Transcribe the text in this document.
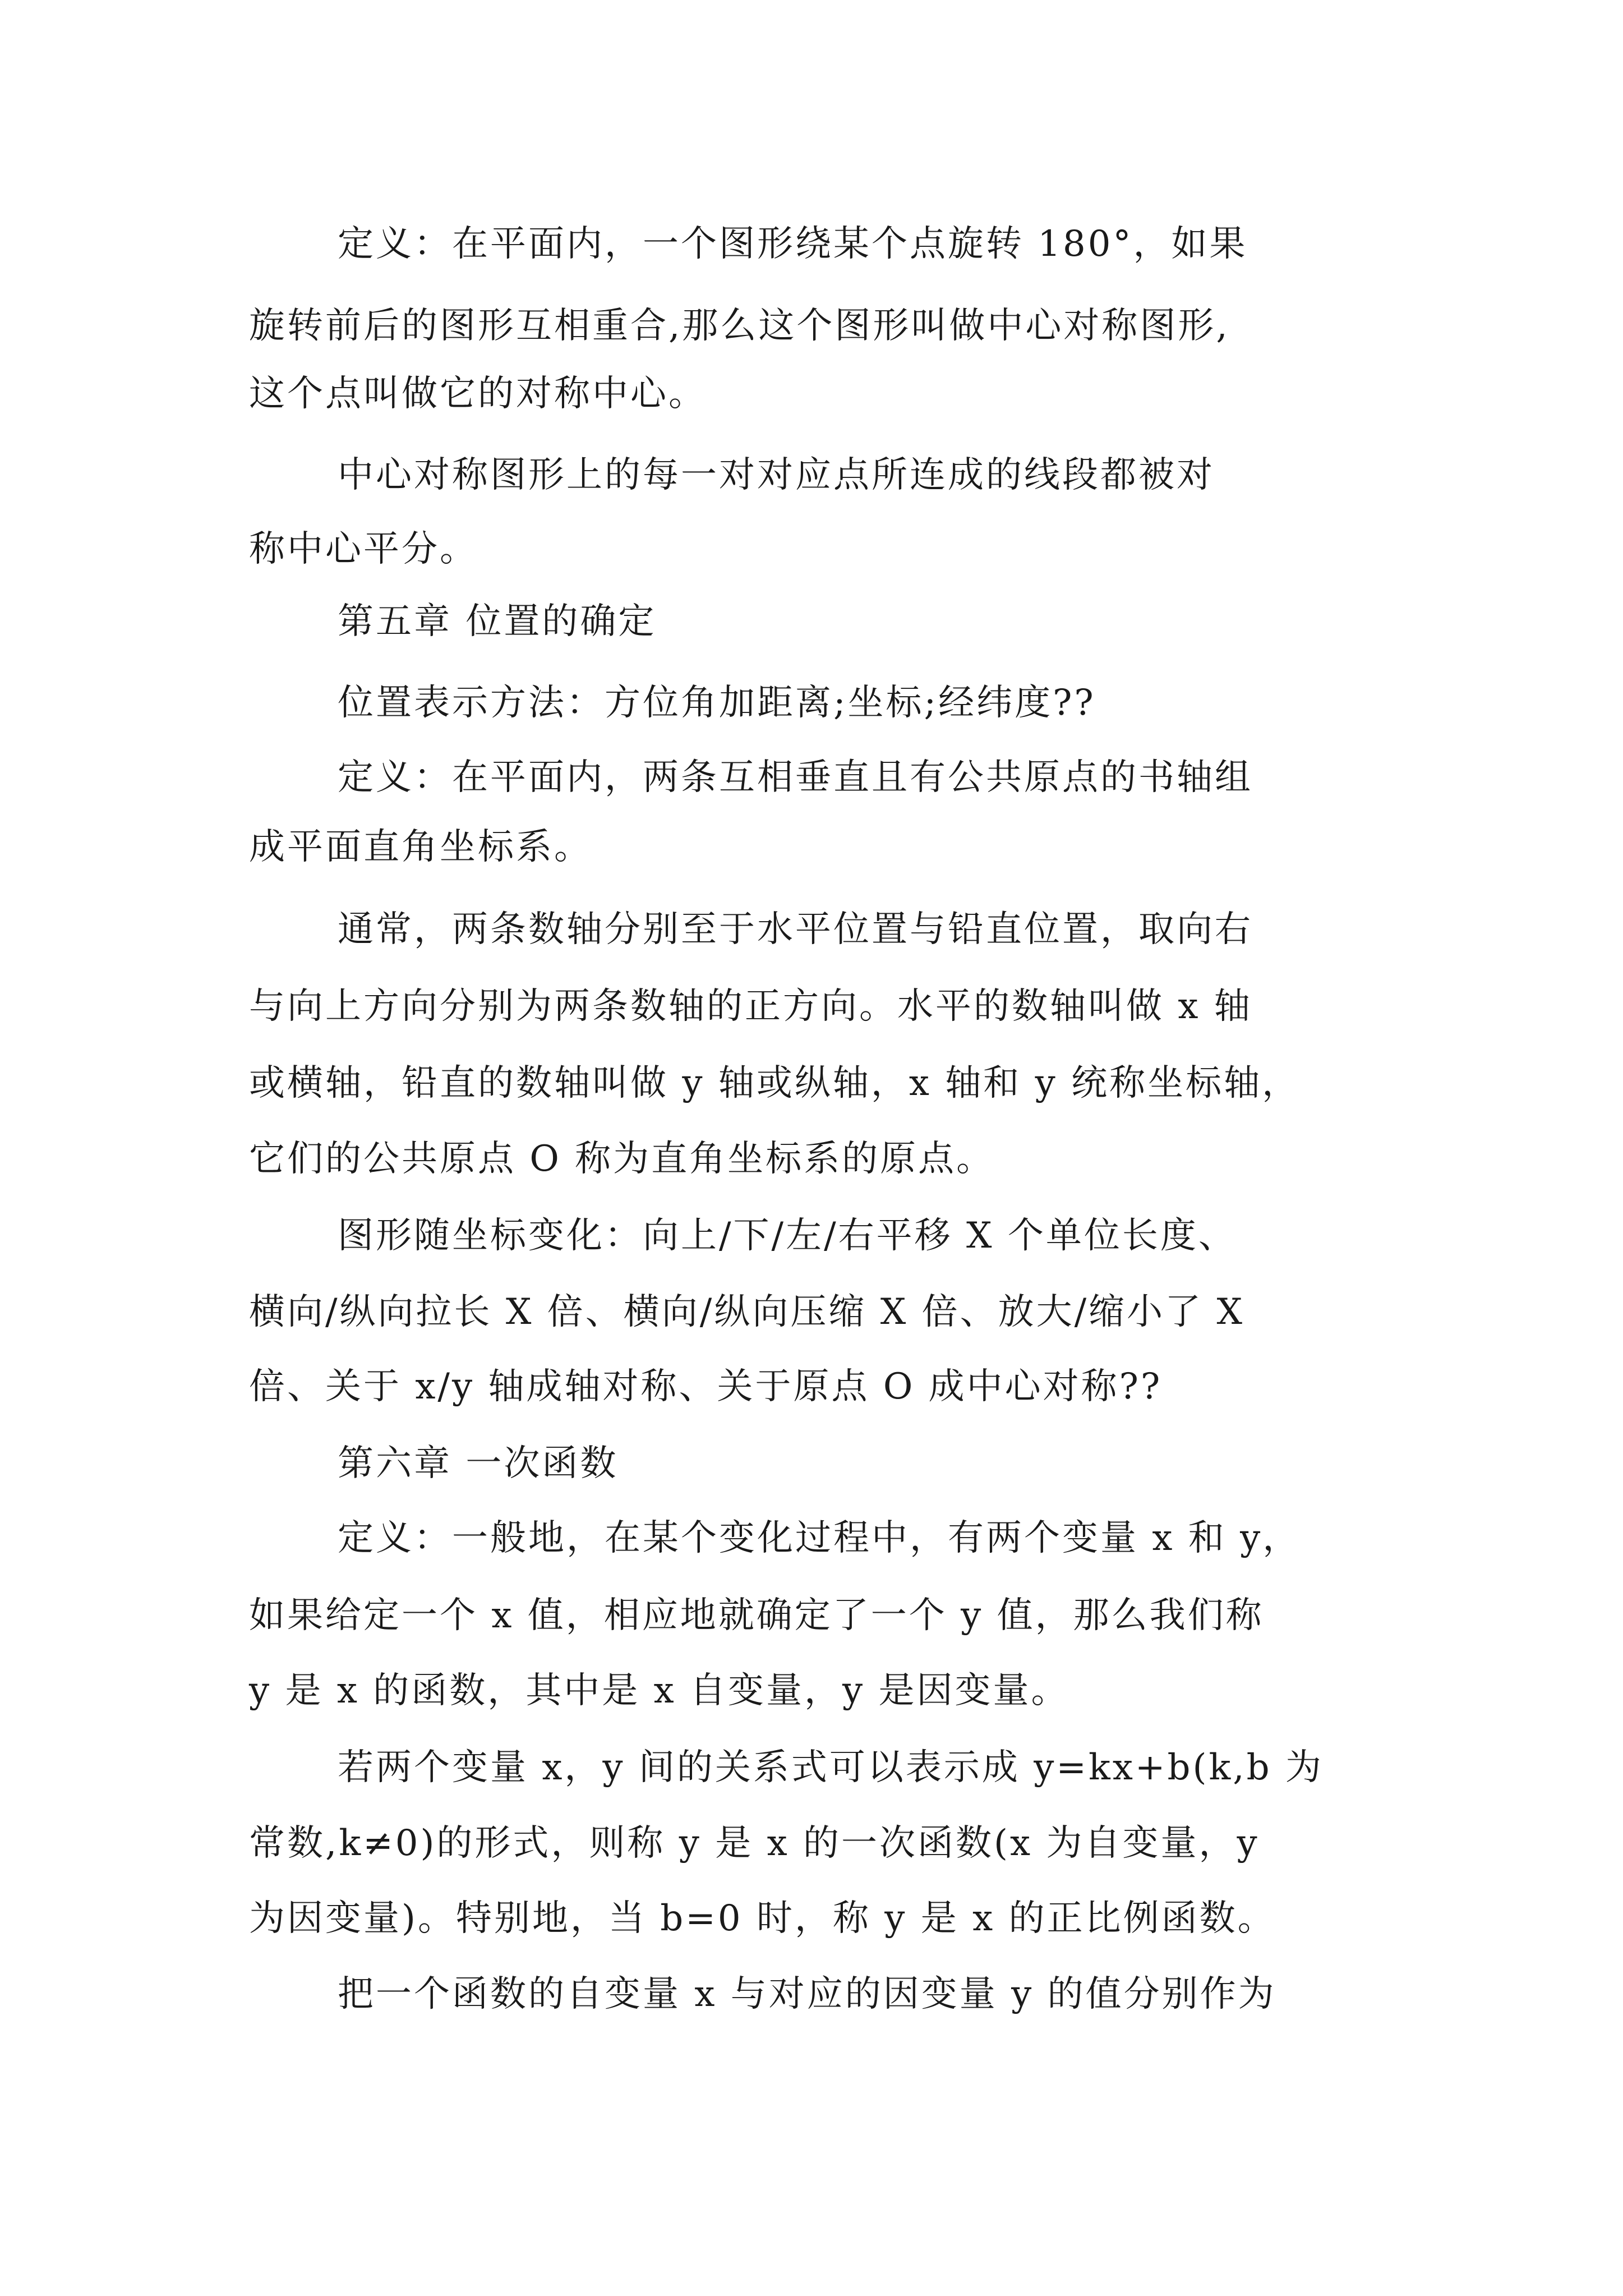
定义：在平面内，一个图形绕某个点旋转 180°，如果
旋转前后的图形互相重合,那么这个图形叫做中心对称图形,
这个点叫做它的对称中心。
中心对称图形上的每一对对应点所连成的线段都被对
称中心平分。
第五章 位置的确定
位置表示方法：方位角加距离;坐标;经纬度??
定义：在平面内，两条互相垂直且有公共原点的书轴组
成平面直角坐标系。
通常，两条数轴分别至于水平位置与铅直位置，取向右
与向上方向分别为两条数轴的正方向。水平的数轴叫做 x 轴
或横轴，铅直的数轴叫做 y 轴或纵轴，x 轴和 y 统称坐标轴，
它们的公共原点 O 称为直角坐标系的原点。
图形随坐标变化：向上/下/左/右平移 X 个单位长度、
横向/纵向拉长 X 倍、横向/纵向压缩 X 倍、放大/缩小了 X
倍、关于 x/y 轴成轴对称、关于原点 O 成中心对称??
第六章 一次函数
定义：一般地，在某个变化过程中，有两个变量 x 和 y，
如果给定一个 x 值，相应地就确定了一个 y 值，那么我们称
y 是 x 的函数，其中是 x 自变量，y 是因变量。
若两个变量 x，y 间的关系式可以表示成 y=kx+b(k,b 为
常数,k≠0)的形式，则称 y 是 x 的一次函数(x 为自变量，y
为因变量)。特别地，当 b=0 时，称 y 是 x 的正比例函数。
把一个函数的自变量 x 与对应的因变量 y 的值分别作为
